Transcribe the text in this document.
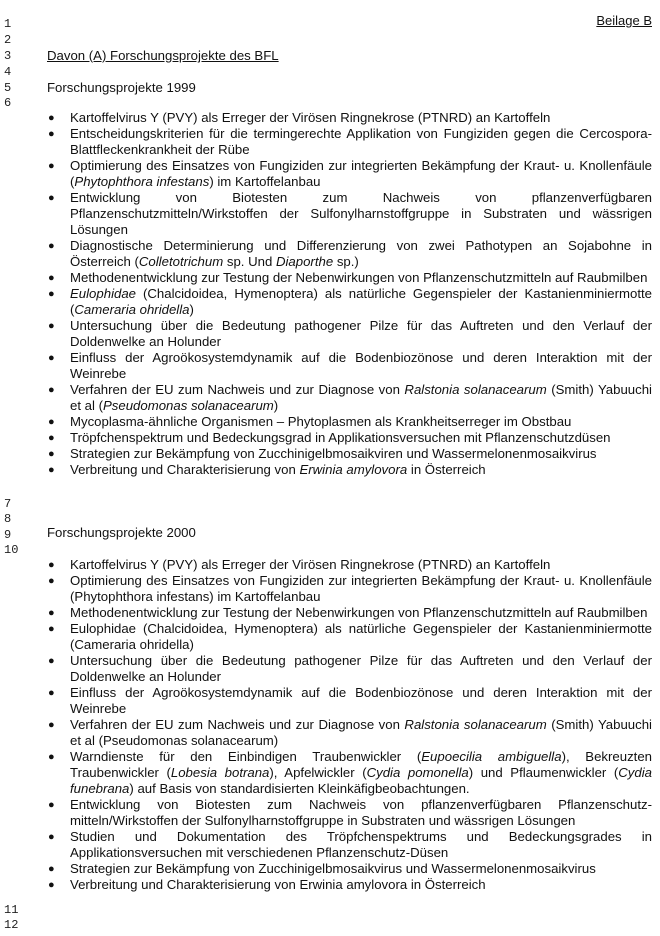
1
2
3
4
5
6
7
8
9
10
11
12
Beilage B
Davon (A) Forschungsprojekte des BFL
Forschungsprojekte 1999
● Kartoffelvirus Y (PVY) als Erreger der Virösen Ringnekrose (PTNRD) an Kartoffeln
● Entscheidungskriterien für die termingerechte Applikation von Fungiziden gegen die Cercospora-Blattfleckenkrankheit der Rübe
● Optimierung des Einsatzes von Fungiziden zur integrierten Bekämpfung der Kraut- u. Knollenfäule (Phytophthora infestans) im Kartoffelanbau
● Entwicklung von Biotesten zum Nachweis von pflanzenverfügbaren Pflanzenschutzmitteln/Wirkstoffen der Sulfonylharnstoffgruppe in Substraten und wässrigen Lösungen
● Diagnostische Determinierung und Differenzierung von zwei Pathotypen an Sojabohne in Österreich (Colletotrichum sp. Und Diaporthe sp.)
● Methodenentwicklung zur Testung der Nebenwirkungen von Pflanzenschutzmitteln auf Raubmilben
● Eulophidae (Chalcidoidea, Hymenoptera) als natürliche Gegenspieler der Kastanienminiermotte (Cameraria ohridella)
● Untersuchung über die Bedeutung pathogener Pilze für das Auftreten und den Verlauf der Doldenwelke an Holunder
● Einfluss der Agroökosystemdynamik auf die Bodenbiozönose und deren Interaktion mit der Weinrebe
● Verfahren der EU zum Nachweis und zur Diagnose von Ralstonia solanacearum (Smith) Yabuuchi et al (Pseudomonas solanacearum)
● Mycoplasma-ähnliche Organismen – Phytoplasmen als Krankheitserreger im Obstbau
● Tröpfchenspektrum und Bedeckungsgrad in Applikationsversuchen mit Pflanzenschutzdüsen
● Strategien zur Bekämpfung von Zucchinigelbmosaikviren und Wassermelonenmosaikvirus
● Verbreitung und Charakterisierung von Erwinia amylovora in Österreich
Forschungsprojekte 2000
● Kartoffelvirus Y (PVY) als Erreger der Virösen Ringnekrose (PTNRD) an Kartoffeln
● Optimierung des Einsatzes von Fungiziden zur integrierten Bekämpfung der Kraut- u. Knollenfäule (Phytophthora infestans) im Kartoffelanbau
● Methodenentwicklung zur Testung der Nebenwirkungen von Pflanzenschutzmitteln auf Raubmilben
● Eulophidae (Chalcidoidea, Hymenoptera) als natürliche Gegenspieler der Kastanienminiermotte (Cameraria ohridella)
● Untersuchung über die Bedeutung pathogener Pilze für das Auftreten und den Verlauf der Doldenwelke an Holunder
● Einfluss der Agroökosystemdynamik auf die Bodenbiozönose und deren Interaktion mit der Weinrebe
● Verfahren der EU zum Nachweis und zur Diagnose von Ralstonia solanacearum (Smith) Yabuuchi et al (Pseudomonas solanacearum)
● Warndienste für den Einbindigen Traubenwickler (Eupoecilia ambiguella), Bekreuzten Traubenwickler (Lobesia botrana), Apfelwickler (Cydia pomonella) und Pflaumenwickler (Cydia funebrana) auf Basis von standardisierten Kleinkäfigbeobachtungen.
● Entwicklung von Biotesten zum Nachweis von pflanzenverfügbaren Pflanzenschutz-mitteln/Wirkstoffen der Sulfonylharnstoffgruppe in Substraten und wässrigen Lösungen
● Studien und Dokumentation des Tröpfchenspektrums und Bedeckungsgrades in Applikationsversuchen mit verschiedenen Pflanzenschutz-Düsen
● Strategien zur Bekämpfung von Zucchinigelbmosaikvirus und Wassermelonenmosaikvirus
● Verbreitung und Charakterisierung von Erwinia amylovora in Österreich
